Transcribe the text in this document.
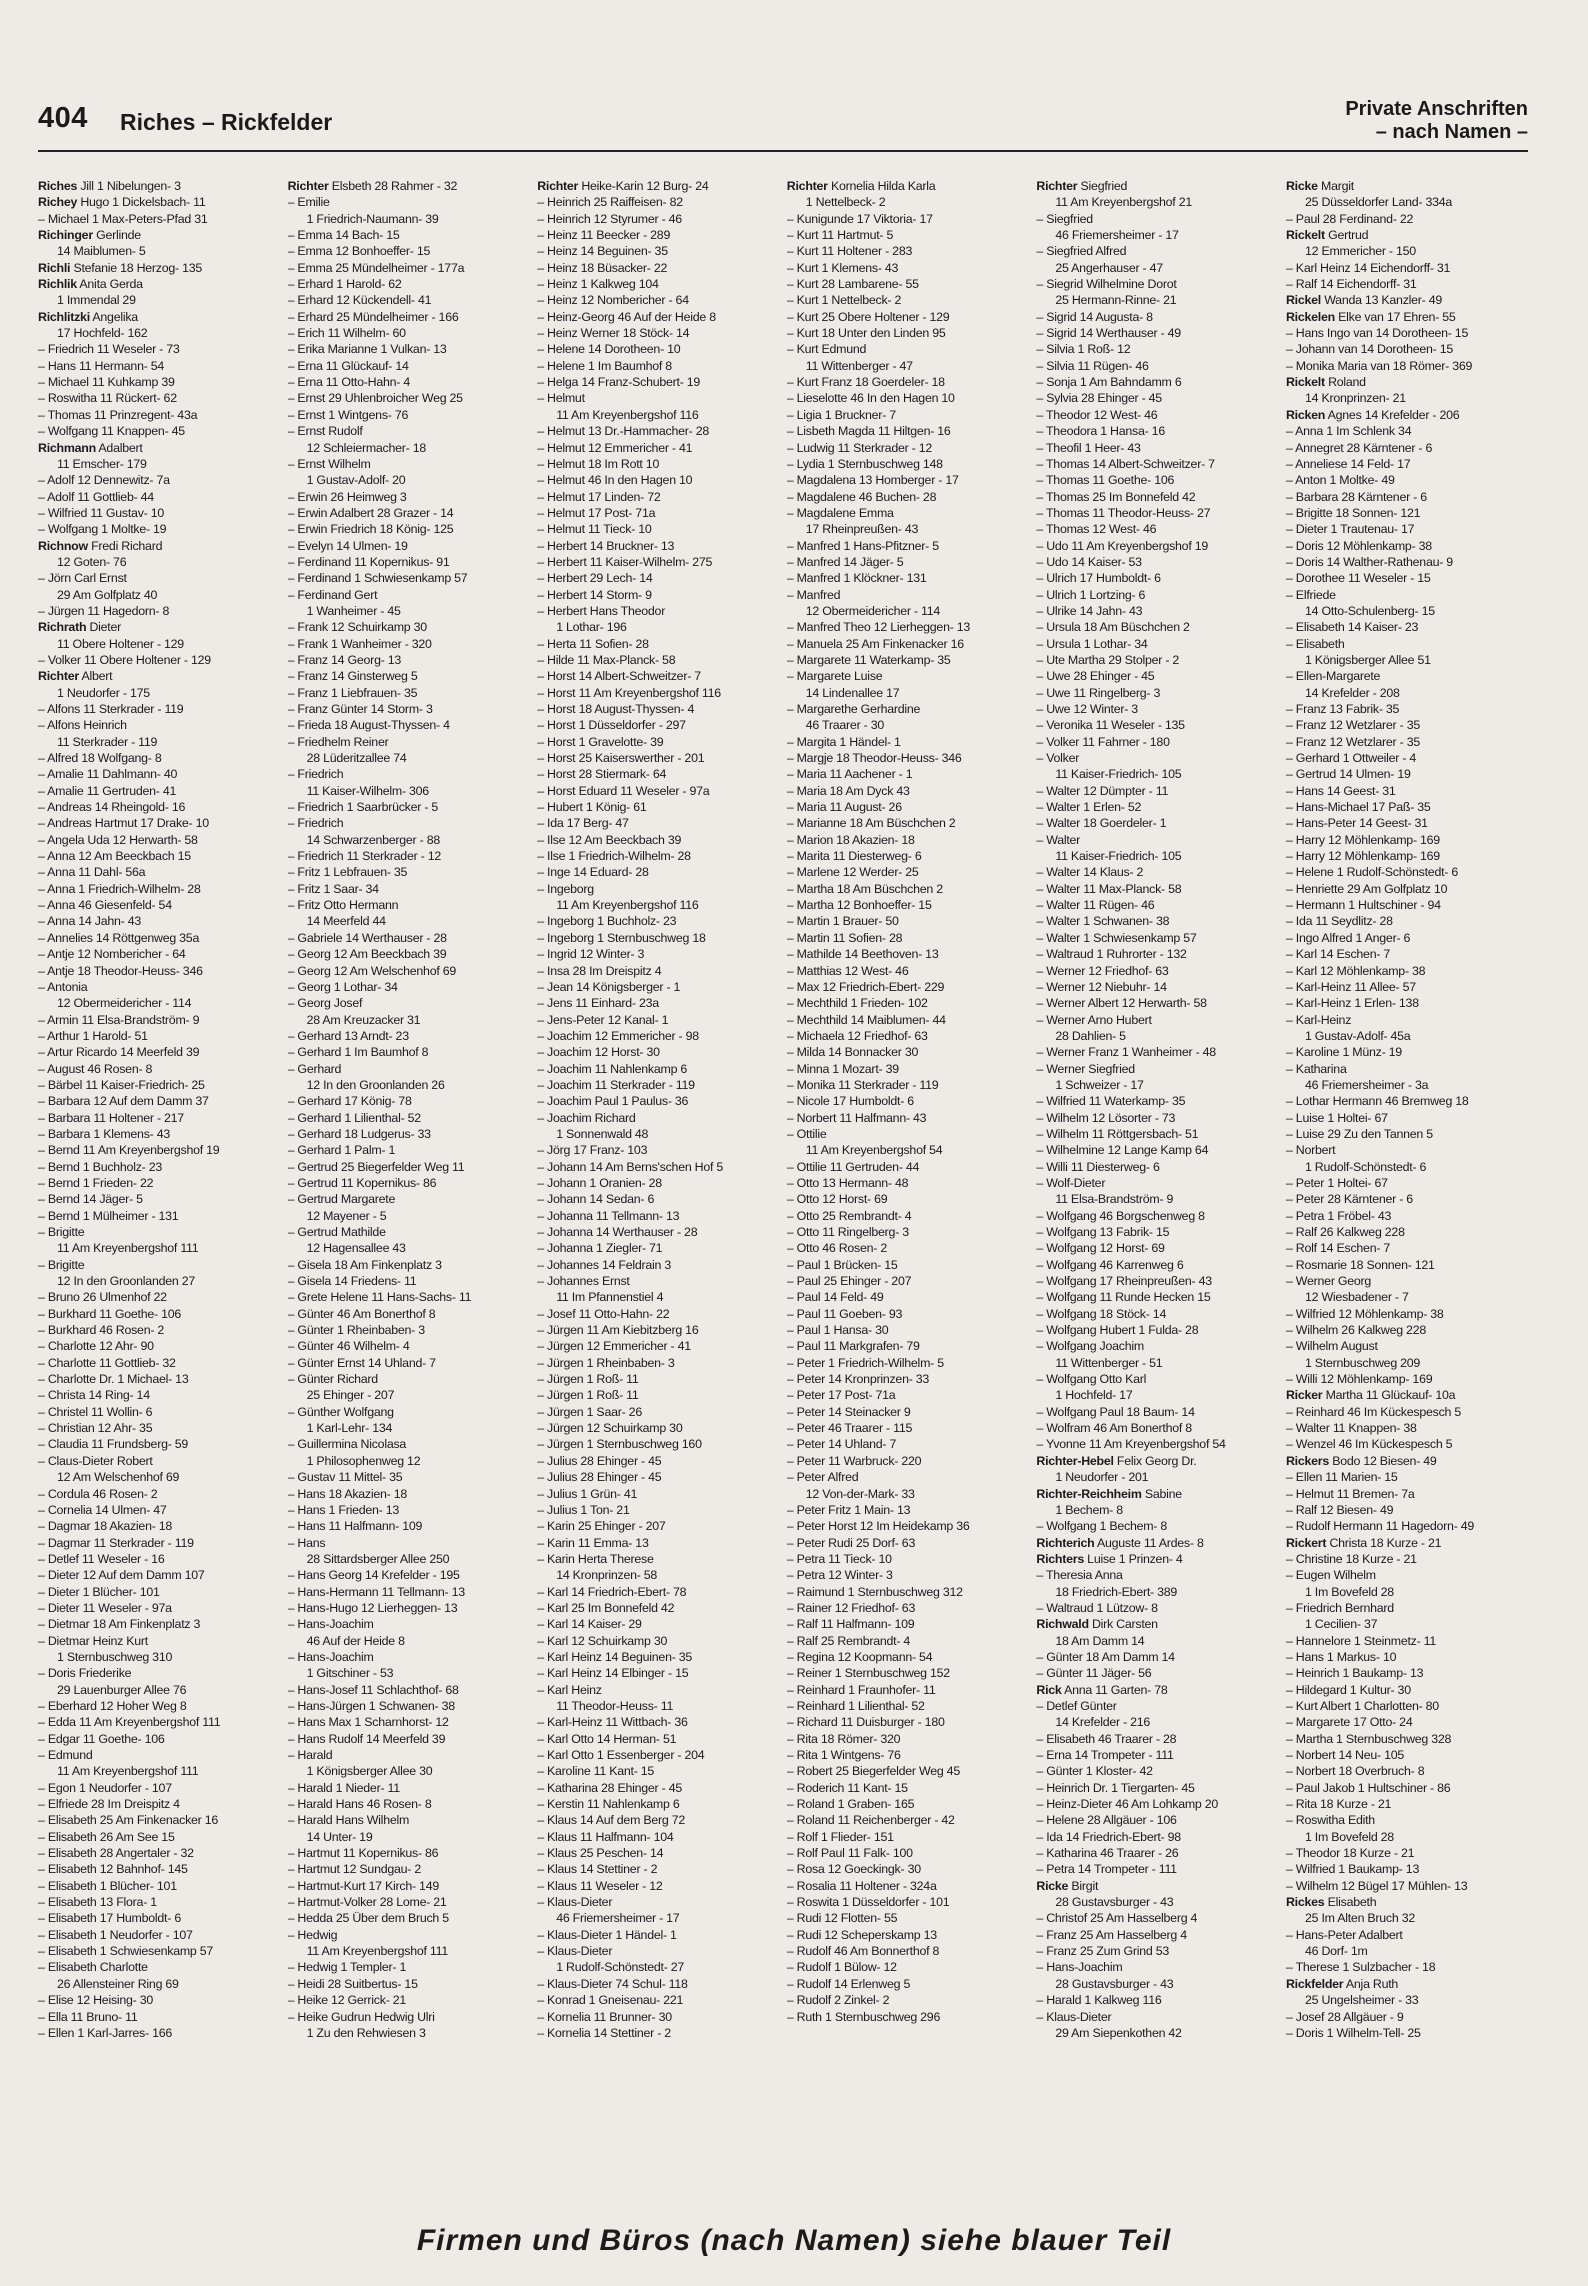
404 Riches – Rickfelder	Private Anschriften
– nach Namen –
Riches Jill 1 Nibelungen- 3
Richey Hugo 1 Dickelsbach- 11
– Michael 1 Max-Peters-Pfad 31
Richinger Gerlinde
14 Maiblumen- 5
Richli Stefanie 18 Herzog- 135
Richlik Anita Gerda
1 Immendal 29
Richlitzki Angelika
17 Hochfeld- 162
– Friedrich 11 Weseler - 73
– Hans 11 Hermann- 54
– Michael 11 Kuhkamp 39
– Roswitha 11 Rückert- 62
– Thomas 11 Prinzregent- 43a
– Wolfgang 11 Knappen- 45
Richmann Adalbert
11 Emscher- 179
– Adolf 12 Dennewitz- 7a
– Adolf 11 Gottlieb- 44
– Wilfried 11 Gustav- 10
– Wolfgang 1 Moltke- 19
Richnow Fredi Richard
12 Goten- 76
– Jörn Carl Ernst
29 Am Golfplatz 40
– Jürgen 11 Hagedorn- 8
Richrath Dieter
11 Obere Holtener - 129
– Volker 11 Obere Holtener - 129
Richter Albert
1 Neudorfer - 175
– Alfons 11 Sterkrader - 119
– Alfons Heinrich
11 Sterkrader - 119
– Alfred 18 Wolfgang- 8
– Amalie 11 Dahlmann- 40
– Amalie 11 Gertruden- 41
– Andreas 14 Rheingold- 16
– Andreas Hartmut 17 Drake- 10
– Angela Uda 12 Herwarth- 58
– Anna 12 Am Beeckbach 15
– Anna 11 Dahl- 56a
– Anna 1 Friedrich-Wilhelm- 28
– Anna 46 Giesenfeld- 54
– Anna 14 Jahn- 43
– Annelies 14 Röttgenweg 35a
– Antje 12 Nombericher - 64
– Antje 18 Theodor-Heuss- 346
– Antonia
12 Obermeidericher - 114
– Armin 11 Elsa-Brandström- 9
– Arthur 1 Harold- 51
– Artur Ricardo 14 Meerfeld 39
– August 46 Rosen- 8
– Bärbel 11 Kaiser-Friedrich- 25
– Barbara 12 Auf dem Damm 37
– Barbara 11 Holtener - 217
– Barbara 1 Klemens- 43
– Bernd 11 Am Kreyenbergshof 19
– Bernd 1 Buchholz- 23
– Bernd 1 Frieden- 22
– Bernd 14 Jäger- 5
– Bernd 1 Mülheimer - 131
– Brigitte
11 Am Kreyenbergshof 111
– Brigitte
12 In den Groonlanden 27
– Bruno 26 Ulmenhof 22
– Burkhard 11 Goethe- 106
– Burkhard 46 Rosen- 2
– Charlotte 12 Ahr- 90
– Charlotte 11 Gottlieb- 32
– Charlotte Dr. 1 Michael- 13
– Christa 14 Ring- 14
– Christel 11 Wollin- 6
– Christian 12 Ahr- 35
– Claudia 11 Frundsberg- 59
– Claus-Dieter Robert
12 Am Welschenhof 69
– Cordula 46 Rosen- 2
– Cornelia 14 Ulmen- 47
– Dagmar 18 Akazien- 18
– Dagmar 11 Sterkrader - 119
– Detlef 11 Weseler - 16
– Dieter 12 Auf dem Damm 107
– Dieter 1 Blücher- 101
– Dieter 11 Weseler - 97a
– Dietmar 18 Am Finkenplatz 3
– Dietmar Heinz Kurt
1 Sternbuschweg 310
– Doris Friederike
29 Lauenburger Allee 76
– Eberhard 12 Hoher Weg 8
– Edda 11 Am Kreyenbergshof 111
– Edgar 11 Goethe- 106
– Edmund
11 Am Kreyenbergshof 111
– Egon 1 Neudorfer - 107
– Elfriede 28 Im Dreispitz 4
– Elisabeth 25 Am Finkenacker 16
– Elisabeth 26 Am See 15
– Elisabeth 28 Angertaler - 32
– Elisabeth 12 Bahnhof- 145
– Elisabeth 1 Blücher- 101
– Elisabeth 13 Flora- 1
– Elisabeth 17 Humboldt- 6
– Elisabeth 1 Neudorfer - 107
– Elisabeth 1 Schwiesenkamp 57
– Elisabeth Charlotte
26 Allensteiner Ring 69
– Elise 12 Heising- 30
– Ella 11 Bruno- 11
– Ellen 1 Karl-Jarres- 166
Richter Elsbeth 28 Rahmer - 32
– Emilie
1 Friedrich-Naumann- 39
– Emma 14 Bach- 15
– Emma 12 Bonhoeffer- 15
– Emma 25 Mündelheimer - 177a
– Erhard 1 Harold- 62
– Erhard 12 Kückendell- 41
– Erhard 25 Mündelheimer - 166
– Erich 11 Wilhelm- 60
– Erika Marianne 1 Vulkan- 13
– Erna 11 Glückauf- 14
– Erna 11 Otto-Hahn- 4
– Ernst 29 Uhlenbroicher Weg 25
– Ernst 1 Wintgens- 76
– Ernst Rudolf
12 Schleiermacher- 18
– Ernst Wilhelm
1 Gustav-Adolf- 20
– Erwin 26 Heimweg 3
– Erwin Adalbert 28 Grazer - 14
– Erwin Friedrich 18 König- 125
– Evelyn 14 Ulmen- 19
– Ferdinand 11 Kopernikus- 91
– Ferdinand 1 Schwiesenkamp 57
– Ferdinand Gert
1 Wanheimer - 45
– Frank 12 Schuirkamp 30
– Frank 1 Wanheimer - 320
– Franz 14 Georg- 13
– Franz 14 Ginsterweg 5
– Franz 1 Liebfrauen- 35
– Franz Günter 14 Storm- 3
– Frieda 18 August-Thyssen- 4
– Friedhelm Reiner
28 Lüderitzallee 74
– Friedrich
11 Kaiser-Wilhelm- 306
– Friedrich 1 Saarbrücker - 5
– Friedrich
14 Schwarzenberger - 88
– Friedrich 11 Sterkrader - 12
– Fritz 1 Lebfrauen- 35
– Fritz 1 Saar- 34
– Fritz Otto Hermann
14 Meerfeld 44
– Gabriele 14 Werthauser - 28
– Georg 12 Am Beeckbach 39
– Georg 12 Am Welschenhof 69
– Georg 1 Lothar- 34
– Georg Josef
28 Am Kreuzacker 31
– Gerhard 13 Arndt- 23
– Gerhard 1 Im Baumhof 8
– Gerhard
12 In den Groonlanden 26
– Gerhard 17 König- 78
– Gerhard 1 Lilienthal- 52
– Gerhard 18 Ludgerus- 33
– Gerhard 1 Palm- 1
– Gertrud 25 Biegerfelder Weg 11
– Gertrud 11 Kopernikus- 86
– Gertrud Margarete
12 Mayener - 5
– Gertrud Mathilde
12 Hagensallee 43
– Gisela 18 Am Finkenplatz 3
– Gisela 14 Friedens- 11
– Grete Helene 11 Hans-Sachs- 11
– Günter 46 Am Bonerthof 8
– Günter 1 Rheinbaben- 3
– Günter 46 Wilhelm- 4
– Günter Ernst 14 Uhland- 7
– Günter Richard
25 Ehinger - 207
– Günther Wolfgang
1 Karl-Lehr- 134
– Guillermina Nicolasa
1 Philosophenweg 12
– Gustav 11 Mittel- 35
– Hans 18 Akazien- 18
– Hans 1 Frieden- 13
– Hans 11 Halfmann- 109
– Hans
28 Sittardsberger Allee 250
– Hans Georg 14 Krefelder - 195
– Hans-Hermann 11 Tellmann- 13
– Hans-Hugo 12 Lierheggen- 13
– Hans-Joachim
46 Auf der Heide 8
– Hans-Joachim
1 Gitschiner - 53
– Hans-Josef 11 Schlachthof- 68
– Hans-Jürgen 1 Schwanen- 38
– Hans Max 1 Scharnhorst- 12
– Hans Rudolf 14 Meerfeld 39
– Harald
1 Königsberger Allee 30
– Harald 1 Nieder- 11
– Harald Hans 46 Rosen- 8
– Harald Hans Wilhelm
14 Unter- 19
– Hartmut 11 Kopernikus- 86
– Hartmut 12 Sundgau- 2
– Hartmut-Kurt 17 Kirch- 149
– Hartmut-Volker 28 Lome- 21
– Hedda 25 Über dem Bruch 5
– Hedwig
11 Am Kreyenbergshof 111
– Hedwig 1 Templer- 1
– Heidi 28 Suitbertus- 15
– Heike 12 Gerrick- 21
– Heike Gudrun Hedwig Ulri
1 Zu den Rehwiesen 3
Richter Heike-Karin 12 Burg- 24
– Heinrich 25 Raiffeisen- 82
– Heinrich 12 Styrumer - 46
– Heinz 11 Beecker - 289
– Heinz 14 Beguinen- 35
– Heinz 18 Büsacker- 22
– Heinz 1 Kalkweg 104
– Heinz 12 Nombericher - 64
– Heinz-Georg 46 Auf der Heide 8
– Heinz Werner 18 Stöck- 14
– Helene 14 Dorotheen- 10
– Helene 1 Im Baumhof 8
– Helga 14 Franz-Schubert- 19
– Helmut
11 Am Kreyenbergshof 116
– Helmut 13 Dr.-Hammacher- 28
– Helmut 12 Emmericher - 41
– Helmut 18 Im Rott 10
– Helmut 46 In den Hagen 10
– Helmut 17 Linden- 72
– Helmut 17 Post- 71a
– Helmut 11 Tieck- 10
– Herbert 14 Bruckner- 13
– Herbert 11 Kaiser-Wilhelm- 275
– Herbert 29 Lech- 14
– Herbert 14 Storm- 9
– Herbert Hans Theodor
1 Lothar- 196
– Herta 11 Sofien- 28
– Hilde 11 Max-Planck- 58
– Horst 14 Albert-Schweitzer- 7
– Horst 11 Am Kreyenbergshof 116
– Horst 18 August-Thyssen- 4
– Horst 1 Düsseldorfer - 297
– Horst 1 Gravelotte- 39
– Horst 25 Kaiserswerther - 201
– Horst 28 Stiermark- 64
– Horst Eduard 11 Weseler - 97a
– Hubert 1 König- 61
– Ida 17 Berg- 47
– Ilse 12 Am Beeckbach 39
– Ilse 1 Friedrich-Wilhelm- 28
– Inge 14 Eduard- 28
– Ingeborg
11 Am Kreyenbergshof 116
– Ingeborg 1 Buchholz- 23
– Ingeborg 1 Sternbuschweg 18
– Ingrid 12 Winter- 3
– Insa 28 Im Dreispitz 4
– Jean 14 Königsberger - 1
– Jens 11 Einhard- 23a
– Jens-Peter 12 Kanal- 1
– Joachim 12 Emmericher - 98
– Joachim 12 Horst- 30
– Joachim 11 Nahlenkamp 6
– Joachim 11 Sterkrader - 119
– Joachim Paul 1 Paulus- 36
– Joachim Richard
1 Sonnenwald 48
– Jörg 17 Franz- 103
– Johann 14 Am Berns'schen Hof 5
– Johann 1 Oranien- 28
– Johann 14 Sedan- 6
– Johanna 11 Tellmann- 13
– Johanna 14 Werthauser - 28
– Johanna 1 Ziegler- 71
– Johannes 14 Feldrain 3
– Johannes Ernst
11 Im Pfannenstiel 4
– Josef 11 Otto-Hahn- 22
– Jürgen 11 Am Kiebitzberg 16
– Jürgen 12 Emmericher - 41
– Jürgen 1 Rheinbaben- 3
– Jürgen 1 Roß- 11
– Jürgen 1 Roß- 11
– Jürgen 1 Saar- 26
– Jürgen 12 Schuirkamp 30
– Jürgen 1 Sternbuschweg 160
– Julius 28 Ehinger - 45
– Julius 28 Ehinger - 45
– Julius 1 Grün- 41
– Julius 1 Ton- 21
– Karin 25 Ehinger - 207
– Karin 11 Emma- 13
– Karin Herta Therese
14 Kronprinzen- 58
– Karl 14 Friedrich-Ebert- 78
– Karl 25 Im Bonnefeld 42
– Karl 14 Kaiser- 29
– Karl 12 Schuirkamp 30
– Karl Heinz 14 Beguinen- 35
– Karl Heinz 14 Elbinger - 15
– Karl Heinz
11 Theodor-Heuss- 11
– Karl-Heinz 11 Wittbach- 36
– Karl Otto 14 Herman- 51
– Karl Otto 1 Essenberger - 204
– Karoline 11 Kant- 15
– Katharina 28 Ehinger - 45
– Kerstin 11 Nahlenkamp 6
– Klaus 14 Auf dem Berg 72
– Klaus 11 Halfmann- 104
– Klaus 25 Peschen- 14
– Klaus 14 Stettiner - 2
– Klaus 11 Weseler - 12
– Klaus-Dieter
46 Friemersheimer - 17
– Klaus-Dieter 1 Händel- 1
– Klaus-Dieter
1 Rudolf-Schönstedt- 27
– Klaus-Dieter 74 Schul- 118
– Konrad 1 Gneisenau- 221
– Kornelia 11 Brunner- 30
– Kornelia 14 Stettiner - 2
Richter Kornelia Hilda Karla
1 Nettelbeck- 2
– Kunigunde 17 Viktoria- 17
– Kurt 11 Hartmut- 5
– Kurt 11 Holtener - 283
– Kurt 1 Klemens- 43
– Kurt 28 Lambarene- 55
– Kurt 1 Nettelbeck- 2
– Kurt 25 Obere Holtener - 129
– Kurt 18 Unter den Linden 95
– Kurt Edmund
11 Wittenberger - 47
– Kurt Franz 18 Goerdeler- 18
– Lieselotte 46 In den Hagen 10
– Ligia 1 Bruckner- 7
– Lisbeth Magda 11 Hiltgen- 16
– Ludwig 11 Sterkrader - 12
– Lydia 1 Sternbuschweg 148
– Magdalena 13 Homberger - 17
– Magdalene 46 Buchen- 28
– Magdalene Emma
17 Rheinpreußen- 43
– Manfred 1 Hans-Pfitzner- 5
– Manfred 14 Jäger- 5
– Manfred 1 Klöckner- 131
– Manfred
12 Obermeidericher - 114
– Manfred Theo 12 Lierheggen- 13
– Manuela 25 Am Finkenacker 16
– Margarete 11 Waterkamp- 35
– Margarete Luise
14 Lindenallee 17
– Margarethe Gerhardine
46 Traarer - 30
– Margita 1 Händel- 1
– Margje 18 Theodor-Heuss- 346
– Maria 11 Aachener - 1
– Maria 18 Am Dyck 43
– Maria 11 August- 26
– Marianne 18 Am Büschchen 2
– Marion 18 Akazien- 18
– Marita 11 Diesterweg- 6
– Marlene 12 Werder- 25
– Martha 18 Am Büschchen 2
– Martha 12 Bonhoeffer- 15
– Martin 1 Brauer- 50
– Martin 11 Sofien- 28
– Mathilde 14 Beethoven- 13
– Matthias 12 West- 46
– Max 12 Friedrich-Ebert- 229
– Mechthild 1 Frieden- 102
– Mechthild 14 Maiblumen- 44
– Michaela 12 Friedhof- 63
– Milda 14 Bonnacker 30
– Minna 1 Mozart- 39
– Monika 11 Sterkrader - 119
– Nicole 17 Humboldt- 6
– Norbert 11 Halfmann- 43
– Ottilie
11 Am Kreyenbergshof 54
– Ottilie 11 Gertruden- 44
– Otto 13 Hermann- 48
– Otto 12 Horst- 69
– Otto 25 Rembrandt- 4
– Otto 11 Ringelberg- 3
– Otto 46 Rosen- 2
– Paul 1 Brücken- 15
– Paul 25 Ehinger - 207
– Paul 14 Feld- 49
– Paul 11 Goeben- 93
– Paul 1 Hansa- 30
– Paul 11 Markgrafen- 79
– Peter 1 Friedrich-Wilhelm- 5
– Peter 14 Kronprinzen- 33
– Peter 17 Post- 71a
– Peter 14 Steinacker 9
– Peter 46 Traarer - 115
– Peter 14 Uhland- 7
– Peter 11 Warbruck- 220
– Peter Alfred
12 Von-der-Mark- 33
– Peter Fritz 1 Main- 13
– Peter Horst 12 Im Heidekamp 36
– Peter Rudi 25 Dorf- 63
– Petra 11 Tieck- 10
– Petra 12 Winter- 3
– Raimund 1 Sternbuschweg 312
– Rainer 12 Friedhof- 63
– Ralf 11 Halfmann- 109
– Ralf 25 Rembrandt- 4
– Regina 12 Koopmann- 54
– Reiner 1 Sternbuschweg 152
– Reinhard 1 Fraunhofer- 11
– Reinhard 1 Lilienthal- 52
– Richard 11 Duisburger - 180
– Rita 18 Römer- 320
– Rita 1 Wintgens- 76
– Robert 25 Biegerfelder Weg 45
– Roderich 11 Kant- 15
– Roland 1 Graben- 165
– Roland 11 Reichenberger - 42
– Rolf 1 Flieder- 151
– Rolf Paul 11 Falk- 100
– Rosa 12 Goeckingk- 30
– Rosalia 11 Holtener - 324a
– Roswita 1 Düsseldorfer - 101
– Rudi 12 Flotten- 55
– Rudi 12 Scheperskamp 13
– Rudolf 46 Am Bonnerthof 8
– Rudolf 1 Bülow- 12
– Rudolf 14 Erlenweg 5
– Rudolf 2 Zinkel- 2
– Ruth 1 Sternbuschweg 296
Richter Siegfried
11 Am Kreyenbergshof 21
– Siegfried
46 Friemersheimer - 17
– Siegfried Alfred
25 Angerhauser - 47
– Siegrid Wilhelmine Dorot
25 Hermann-Rinne- 21
– Sigrid 14 Augusta- 8
– Sigrid 14 Werthauser - 49
– Silvia 1 Roß- 12
– Silvia 11 Rügen- 46
– Sonja 1 Am Bahndamm 6
– Sylvia 28 Ehinger - 45
– Theodor 12 West- 46
– Theodora 1 Hansa- 16
– Theofil 1 Heer- 43
– Thomas 14 Albert-Schweitzer- 7
– Thomas 11 Goethe- 106
– Thomas 25 Im Bonnefeld 42
– Thomas 11 Theodor-Heuss- 27
– Thomas 12 West- 46
– Udo 11 Am Kreyenbergshof 19
– Udo 14 Kaiser- 53
– Ulrich 17 Humboldt- 6
– Ulrich 1 Lortzing- 6
– Ulrike 14 Jahn- 43
– Ursula 18 Am Büschchen 2
– Ursula 1 Lothar- 34
– Ute Martha 29 Stolper - 2
– Uwe 28 Ehinger - 45
– Uwe 11 Ringelberg- 3
– Uwe 12 Winter- 3
– Veronika 11 Weseler - 135
– Volker 11 Fahrner - 180
– Volker
11 Kaiser-Friedrich- 105
– Walter 12 Dümpter - 11
– Walter 1 Erlen- 52
– Walter 18 Goerdeler- 1
– Walter
11 Kaiser-Friedrich- 105
– Walter 14 Klaus- 2
– Walter 11 Max-Planck- 58
– Walter 11 Rügen- 46
– Walter 1 Schwanen- 38
– Walter 1 Schwiesenkamp 57
– Waltraud 1 Ruhrorter - 132
– Werner 12 Friedhof- 63
– Werner 12 Niebuhr- 14
– Werner Albert 12 Herwarth- 58
– Werner Arno Hubert
28 Dahlien- 5
– Werner Franz 1 Wanheimer - 48
– Werner Siegfried
1 Schweizer - 17
– Wilfried 11 Waterkamp- 35
– Wilhelm 12 Lösorter - 73
– Wilhelm 11 Röttgersbach- 51
– Wilhelmine 12 Lange Kamp 64
– Willi 11 Diesterweg- 6
– Wolf-Dieter
11 Elsa-Brandström- 9
– Wolfgang 46 Borgschenweg 8
– Wolfgang 13 Fabrik- 15
– Wolfgang 12 Horst- 69
– Wolfgang 46 Karrenweg 6
– Wolfgang 17 Rheinpreußen- 43
– Wolfgang 11 Runde Hecken 15
– Wolfgang 18 Stöck- 14
– Wolfgang Hubert 1 Fulda- 28
– Wolfgang Joachim
11 Wittenberger - 51
– Wolfgang Otto Karl
1 Hochfeld- 17
– Wolfgang Paul 18 Baum- 14
– Wolfram 46 Am Bonerthof 8
– Yvonne 11 Am Kreyenbergshof 54
Richter-Hebel Felix Georg Dr.
1 Neudorfer - 201
Richter-Reichheim Sabine
1 Bechem- 8
– Wolfgang 1 Bechem- 8
Richterich Auguste 11 Ardes- 8
Richters Luise 1 Prinzen- 4
– Theresia Anna
18 Friedrich-Ebert- 389
– Waltraud 1 Lützow- 8
Richwald Dirk Carsten
18 Am Damm 14
– Günter 18 Am Damm 14
– Günter 11 Jäger- 56
Rick Anna 11 Garten- 78
– Detlef Günter
14 Krefelder - 216
– Elisabeth 46 Traarer - 28
– Erna 14 Trompeter - 111
– Günter 1 Kloster- 42
– Heinrich Dr. 1 Tiergarten- 45
– Heinz-Dieter 46 Am Lohkamp 20
– Helene 28 Allgäuer - 106
– Ida 14 Friedrich-Ebert- 98
– Katharina 46 Traarer - 26
– Petra 14 Trompeter - 111
Ricke Birgit
28 Gustavsburger - 43
– Christof 25 Am Hasselberg 4
– Franz 25 Am Hasselberg 4
– Franz 25 Zum Grind 53
– Hans-Joachim
28 Gustavsburger - 43
– Harald 1 Kalkweg 116
– Klaus-Dieter
29 Am Siepenkothen 42
Ricke Margit
25 Düsseldorfer Land- 334a
– Paul 28 Ferdinand- 22
Rickelt Gertrud
12 Emmericher - 150
– Karl Heinz 14 Eichendorff- 31
– Ralf 14 Eichendorff- 31
Rickel Wanda 13 Kanzler- 49
Rickelen Elke van 17 Ehren- 55
– Hans Ingo van 14 Dorotheen- 15
– Johann van 14 Dorotheen- 15
– Monika Maria van 18 Römer- 369
Rickelt Roland
14 Kronprinzen- 21
Ricken Agnes 14 Krefelder - 206
– Anna 1 Im Schlenk 34
– Annegret 28 Kärntener - 6
– Anneliese 14 Feld- 17
– Anton 1 Moltke- 49
– Barbara 28 Kärntener - 6
– Brigitte 18 Sonnen- 121
– Dieter 1 Trautenau- 17
– Doris 12 Möhlenkamp- 38
– Doris 14 Walther-Rathenau- 9
– Dorothee 11 Weseler - 15
– Elfriede
14 Otto-Schulenberg- 15
– Elisabeth 14 Kaiser- 23
– Elisabeth
1 Königsberger Allee 51
– Ellen-Margarete
14 Krefelder - 208
– Franz 13 Fabrik- 35
– Franz 12 Wetzlarer - 35
– Franz 12 Wetzlarer - 35
– Gerhard 1 Ottweiler - 4
– Gertrud 14 Ulmen- 19
– Hans 14 Geest- 31
– Hans-Michael 17 Paß- 35
– Hans-Peter 14 Geest- 31
– Harry 12 Möhlenkamp- 169
– Harry 12 Möhlenkamp- 169
– Helene 1 Rudolf-Schönstedt- 6
– Henriette 29 Am Golfplatz 10
– Hermann 1 Hultschiner - 94
– Ida 11 Seydlitz- 28
– Ingo Alfred 1 Anger- 6
– Karl 14 Eschen- 7
– Karl 12 Möhlenkamp- 38
– Karl-Heinz 11 Allee- 57
– Karl-Heinz 1 Erlen- 138
– Karl-Heinz
1 Gustav-Adolf- 45a
– Karoline 1 Münz- 19
– Katharina
46 Friemersheimer - 3a
– Lothar Hermann 46 Bremweg 18
– Luise 1 Holtei- 67
– Luise 29 Zu den Tannen 5
– Norbert
1 Rudolf-Schönstedt- 6
– Peter 1 Holtei- 67
– Peter 28 Kärntener - 6
– Petra 1 Fröbel- 43
– Ralf 26 Kalkweg 228
– Rolf 14 Eschen- 7
– Rosmarie 18 Sonnen- 121
– Werner Georg
12 Wiesbadener - 7
– Wilfried 12 Möhlenkamp- 38
– Wilhelm 26 Kalkweg 228
– Wilhelm August
1 Sternbuschweg 209
– Willi 12 Möhlenkamp- 169
Ricker Martha 11 Glückauf- 10a
– Reinhard 46 Im Kückespesch 5
– Walter 11 Knappen- 38
– Wenzel 46 Im Kückespesch 5
Rickers Bodo 12 Biesen- 49
– Ellen 11 Marien- 15
– Helmut 11 Bremen- 7a
– Ralf 12 Biesen- 49
– Rudolf Hermann 11 Hagedorn- 49
Rickert Christa 18 Kurze - 21
– Christine 18 Kurze - 21
– Eugen Wilhelm
1 Im Bovefeld 28
– Friedrich Bernhard
1 Cecilien- 37
– Hannelore 1 Steinmetz- 11
– Hans 1 Markus- 10
– Heinrich 1 Baukamp- 13
– Hildegard 1 Kultur- 30
– Kurt Albert 1 Charlotten- 80
– Margarete 17 Otto- 24
– Martha 1 Sternbuschweg 328
– Norbert 14 Neu- 105
– Norbert 18 Overbruch- 8
– Paul Jakob 1 Hultschiner - 86
– Rita 18 Kurze - 21
– Roswitha Edith
1 Im Bovefeld 28
– Theodor 18 Kurze - 21
– Wilfried 1 Baukamp- 13
– Wilhelm 12 Bügel 17 Mühlen- 13
Rickes Elisabeth
25 Im Alten Bruch 32
– Hans-Peter Adalbert
46 Dorf- 1m
– Therese 1 Sulzbacher - 18
Rickfelder Anja Ruth
25 Ungelsheimer - 33
– Josef 28 Allgäuer - 9
– Doris 1 Wilhelm-Tell- 25
Firmen und Büros (nach Namen) siehe blauer Teil
